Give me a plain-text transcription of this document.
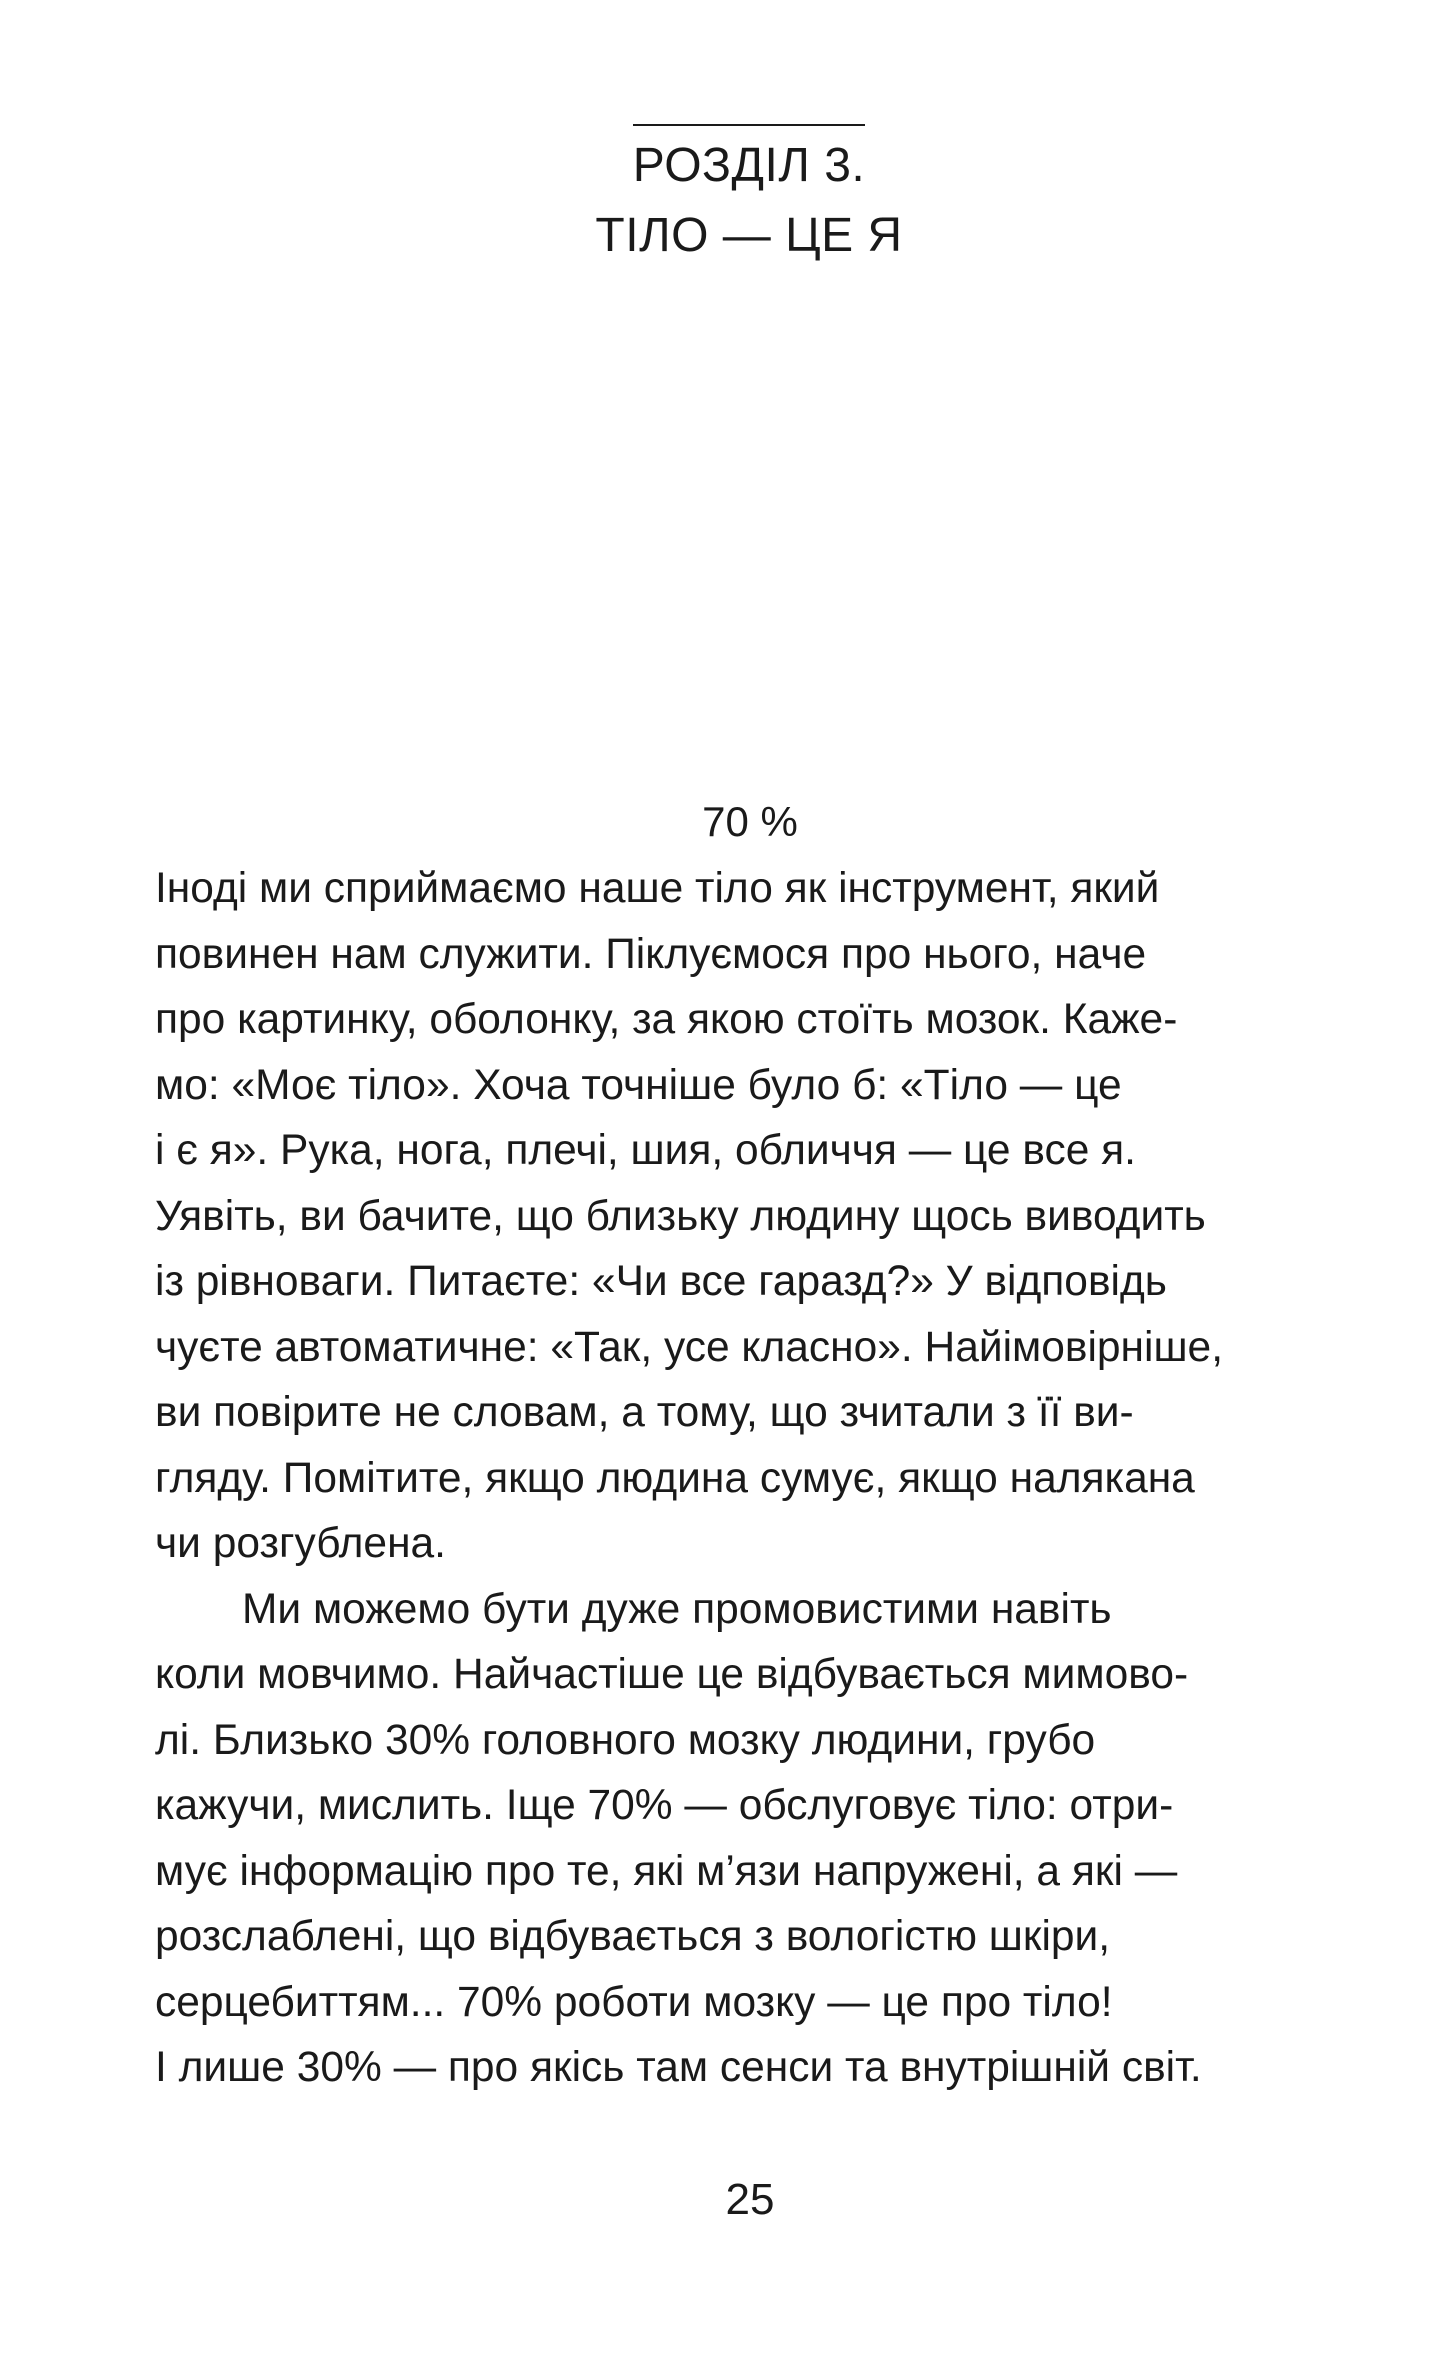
РОЗДІЛ 3.
ТІЛО — ЦЕ Я
70 %
Іноді ми сприймаємо наше тіло як інструмент, який
повинен нам служити. Піклуємося про нього, наче
про картинку, оболонку, за якою стоїть мозок. Каже-
мо: «Моє тіло». Хоча точніше було б: «Тіло — це
і є я». Рука, нога, плечі, шия, обличчя — це все я.
Уявіть, ви бачите, що близьку людину щось виводить
із рівноваги. Питаєте: «Чи все гаразд?» У відповідь
чуєте автоматичне: «Так, усе класно». Найімовірніше,
ви повірите не словам, а тому, що зчитали з її ви-
гляду. Помітите, якщо людина сумує, якщо налякана
чи розгублена.
Ми можемо бути дуже промовистими навіть
коли мовчимо. Найчастіше це відбувається мимово-
лі. Близько 30% головного мозку людини, грубо
кажучи, мислить. Іще 70% — обслуговує тіло: отри-
мує інформацію про те, які м’язи напружені, а які —
розслаблені, що відбувається з вологістю шкіри,
серцебиттям... 70% роботи мозку — це про тіло!
І лише 30% — про якісь там сенси та внутрішній світ.
25
